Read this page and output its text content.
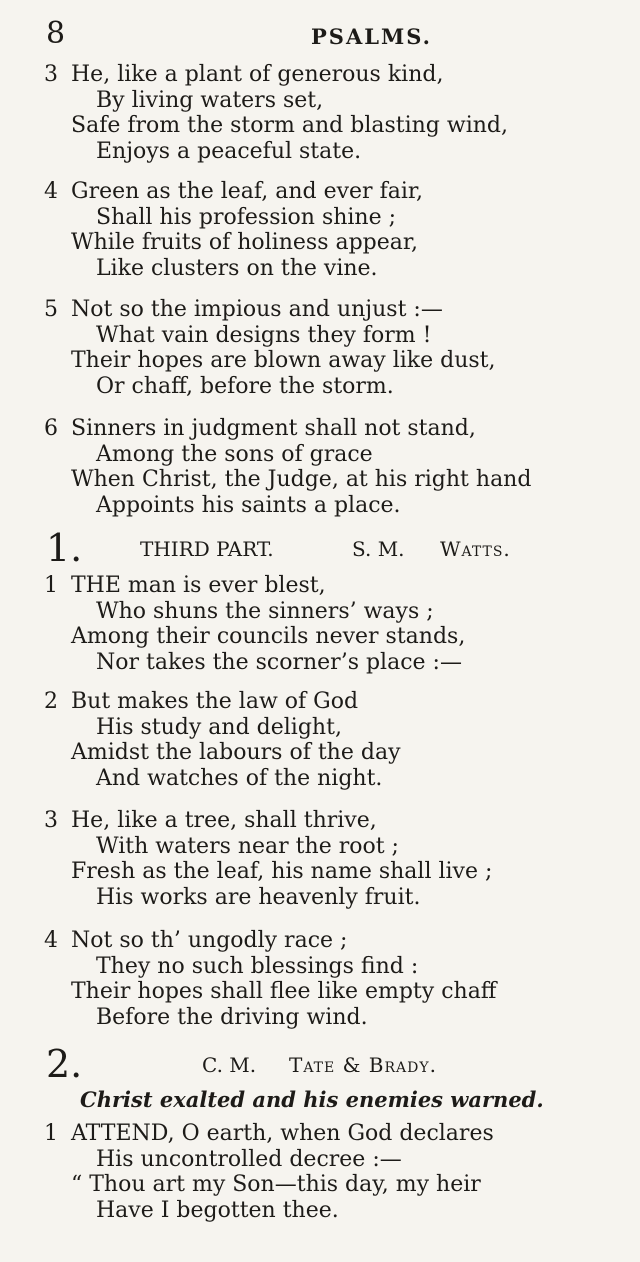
8	PSALMS.
3 He, like a plant of generous kind,
By living waters set,
Safe from the storm and blasting wind,
Enjoys a peaceful state.
4 Green as the leaf, and ever fair,
Shall his profession shine ;
While fruits of holiness appear,
Like clusters on the vine.
5 Not so the impious and unjust :—
What vain designs they form !
Their hopes are blown away like dust,
Or chaff, before the storm.
6 Sinners in judgment shall not stand,
Among the sons of grace
When Christ, the Judge, at his right hand
Appoints his saints a place.
1.	THIRD PART.	S. M. Watts.
1 THE man is ever blest,
Who shuns the sinners’ ways ;
Among their councils never stands,
Nor takes the scorner’s place :—
2 But makes the law of God
His study and delight,
Amidst the labours of the day
And watches of the night.
3 He, like a tree, shall thrive,
With waters near the root ;
Fresh as the leaf, his name shall live ;
His works are heavenly fruit.
4 Not so th’ ungodly race ;
They no such blessings find :
Their hopes shall flee like empty chaff
Before the driving wind.
2.	C. M. Tate & Brady.
Christ exalted and his enemies warned.
1 ATTEND, O earth, when God declares
His uncontrolled decree :—
“ Thou art my Son—this day, my heir
Have I begotten thee.
